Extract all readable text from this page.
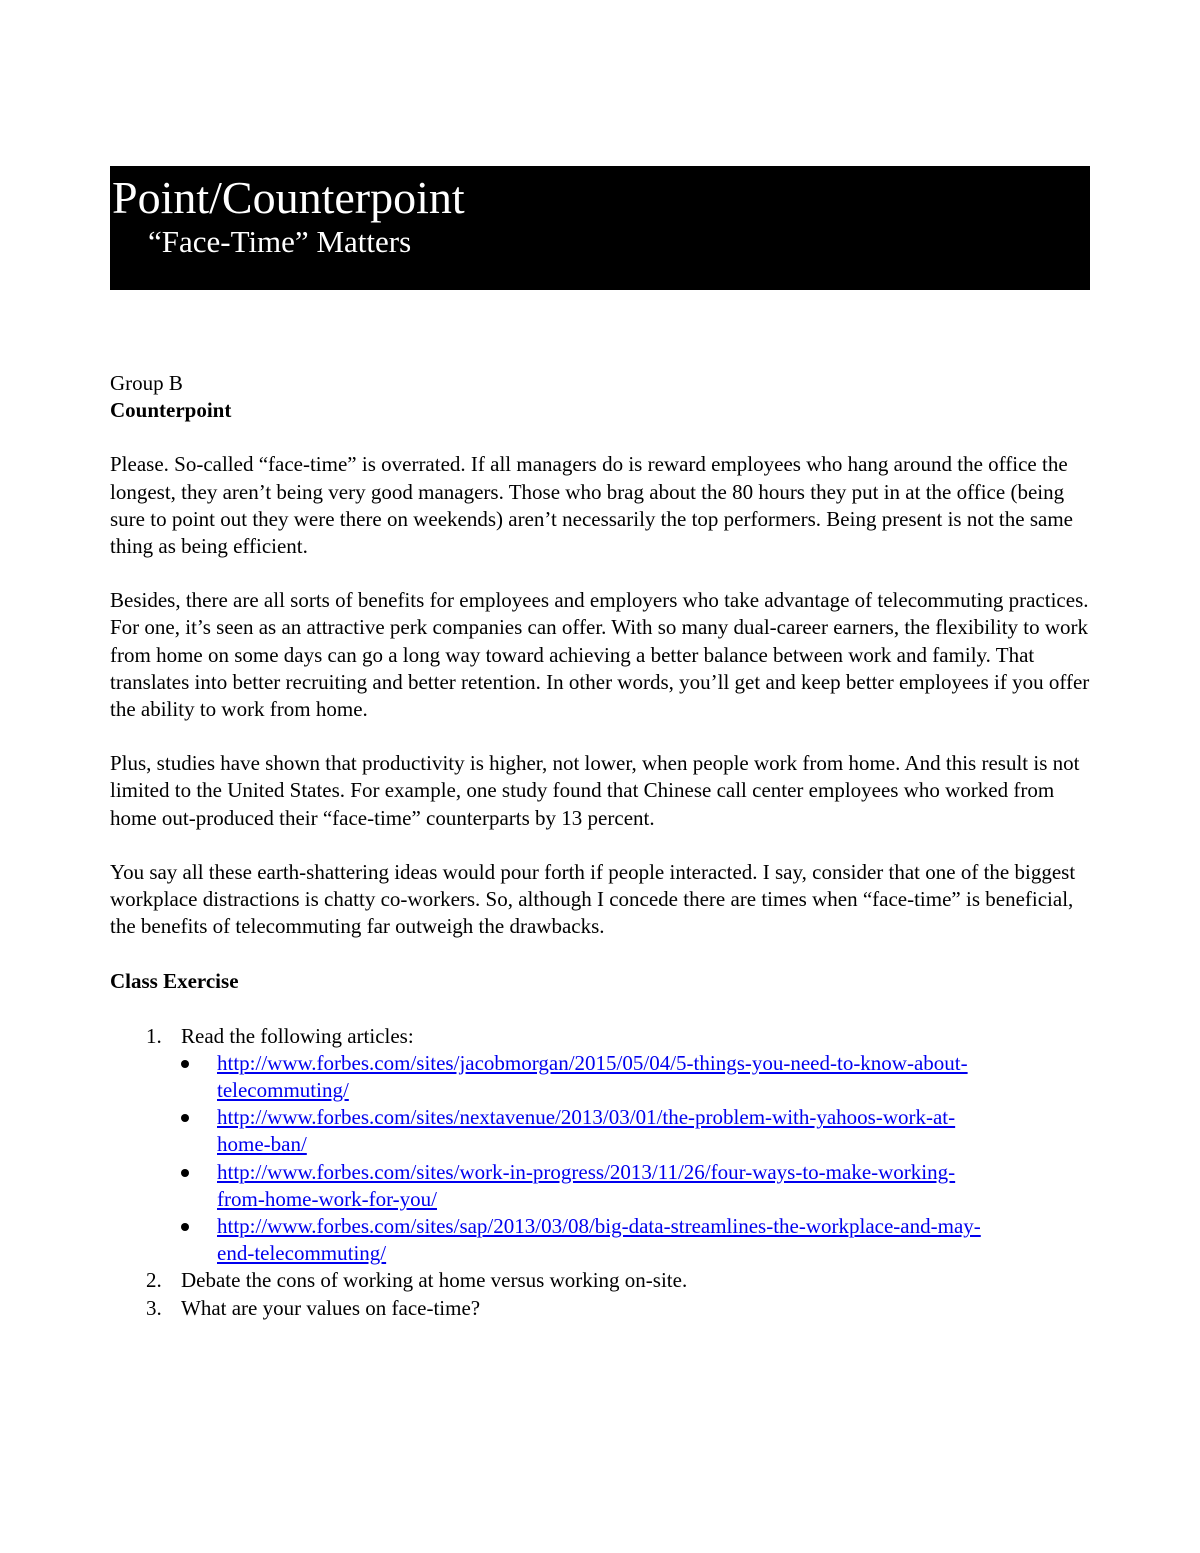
Point/Counterpoint
“Face-Time” Matters

Group B

Counterpoint

Please. So-called “face-time” is overrated. If all managers do is reward employees who hang around the office the longest, they aren’t being very good managers. Those who brag about the 80 hours they put in at the office (being sure to point out they were there on weekends) aren’t necessarily the top performers. Being present is not the same thing as being efficient.

Besides, there are all sorts of benefits for employees and employers who take advantage of telecommuting practices. For one, it’s seen as an attractive perk companies can offer. With so many dual-career earners, the flexibility to work from home on some days can go a long way toward achieving a better balance between work and family. That translates into better recruiting and better retention. In other words, you’ll get and keep better employees if you offer the ability to work from home.

Plus, studies have shown that productivity is higher, not lower, when people work from home. And this result is not limited to the United States. For example, one study found that Chinese call center employees who worked from home out-produced their “face-time” counterparts by 13 percent.

You say all these earth-shattering ideas would pour forth if people interacted. I say, consider that one of the biggest workplace distractions is chatty co-workers. So, although I concede there are times when “face-time” is beneficial, the benefits of telecommuting far outweigh the drawbacks.

Class Exercise

1. Read the following articles:
http://www.forbes.com/sites/jacobmorgan/2015/05/04/5-things-you-need-to-know-about-
telecommuting/
http://www.forbes.com/sites/nextavenue/2013/03/01/the-problem-with-yahoos-work-at-
home-ban/
http://www.forbes.com/sites/work-in-progress/2013/11/26/four-ways-to-make-working-
from-home-work-for-you/
http://www.forbes.com/sites/sap/2013/03/08/big-data-streamlines-the-workplace-and-may-
end-telecommuting/
2. Debate the cons of working at home versus working on-site.
3. What are your values on face-time?
